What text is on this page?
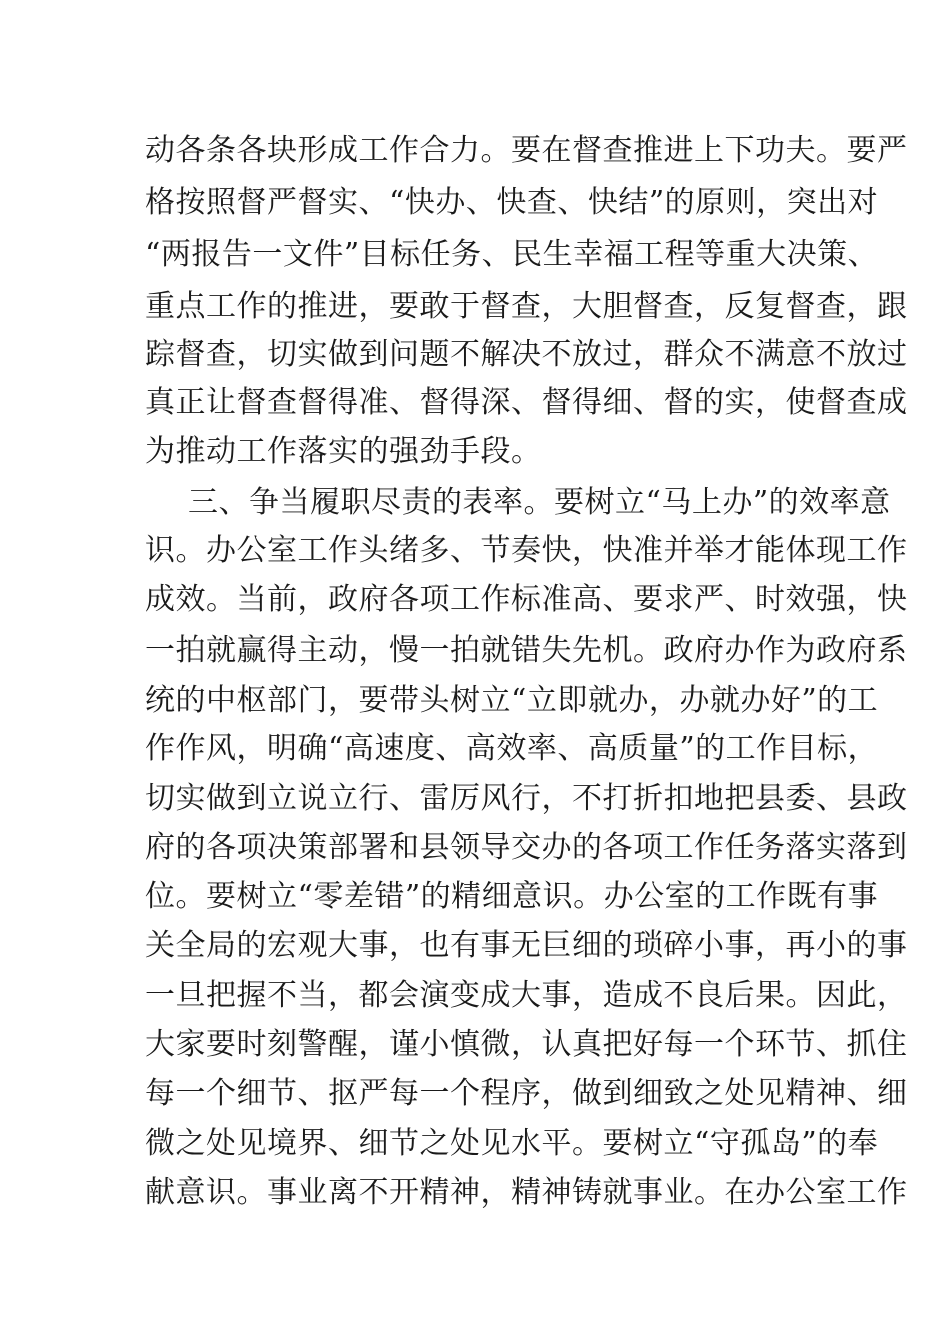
动各条各块形成工作合力。要在督查推进上下功夫。要严
格按照督严督实、“快办、快查、快结”的原则，突出对
“两报告一文件”目标任务、民生幸福工程等重大决策、
重点工作的推进，要敢于督查，大胆督查，反复督查，跟
踪督查，切实做到问题不解决不放过，群众不满意不放过
真正让督查督得准、督得深、督得细、督的实，使督查成
为推动工作落实的强劲手段。
三、争当履职尽责的表率。要树立“马上办”的效率意
识。办公室工作头绪多、节奏快，快准并举才能体现工作
成效。当前，政府各项工作标准高、要求严、时效强，快
一拍就赢得主动，慢一拍就错失先机。政府办作为政府系
统的中枢部门，要带头树立“立即就办，办就办好”的工
作作风，明确“高速度、高效率、高质量”的工作目标，
切实做到立说立行、雷厉风行，不打折扣地把县委、县政
府的各项决策部署和县领导交办的各项工作任务落实落到
位。要树立“零差错”的精细意识。办公室的工作既有事
关全局的宏观大事，也有事无巨细的琐碎小事，再小的事
一旦把握不当，都会演变成大事，造成不良后果。因此，
大家要时刻警醒，谨小慎微，认真把好每一个环节、抓住
每一个细节、抠严每一个程序，做到细致之处见精神、细
微之处见境界、细节之处见水平。要树立“守孤岛”的奉
献意识。事业离不开精神，精神铸就事业。在办公室工作
